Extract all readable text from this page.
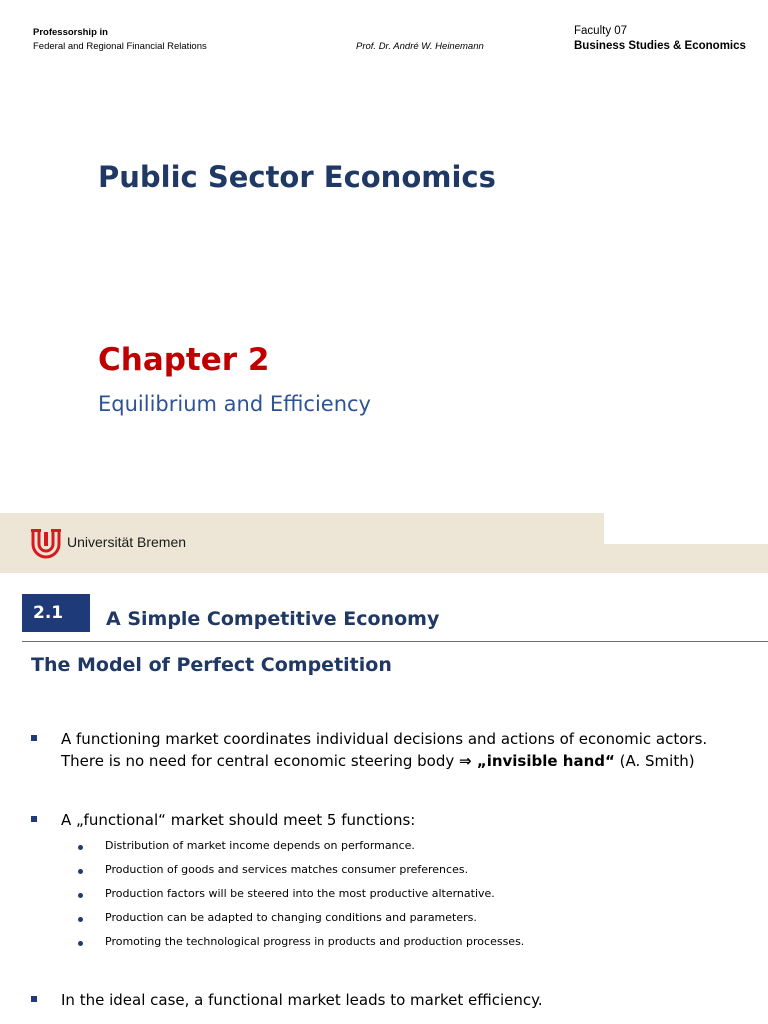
Professorship in
Federal and Regional Financial Relations	Prof. Dr. André W. Heinemann
Faculty 07
Business Studies & Economics
Public Sector Economics
Chapter 2
Equilibrium and Efficiency
Universität Bremen
2.1	A Simple Competitive Economy
The Model of Perfect Competition
A functioning market coordinates individual decisions and actions of economic actors.
There is no need for central economic steering body ⇒ „invisible hand“ (A. Smith)
A „functional“ market should meet 5 functions:
Distribution of market income depends on performance.
Production of goods and services matches consumer preferences.
Production factors will be steered into the most productive alternative.
Production can be adapted to changing conditions and parameters.
Promoting the technological progress in products and production processes.
In the ideal case, a functional market leads to market efficiency.
